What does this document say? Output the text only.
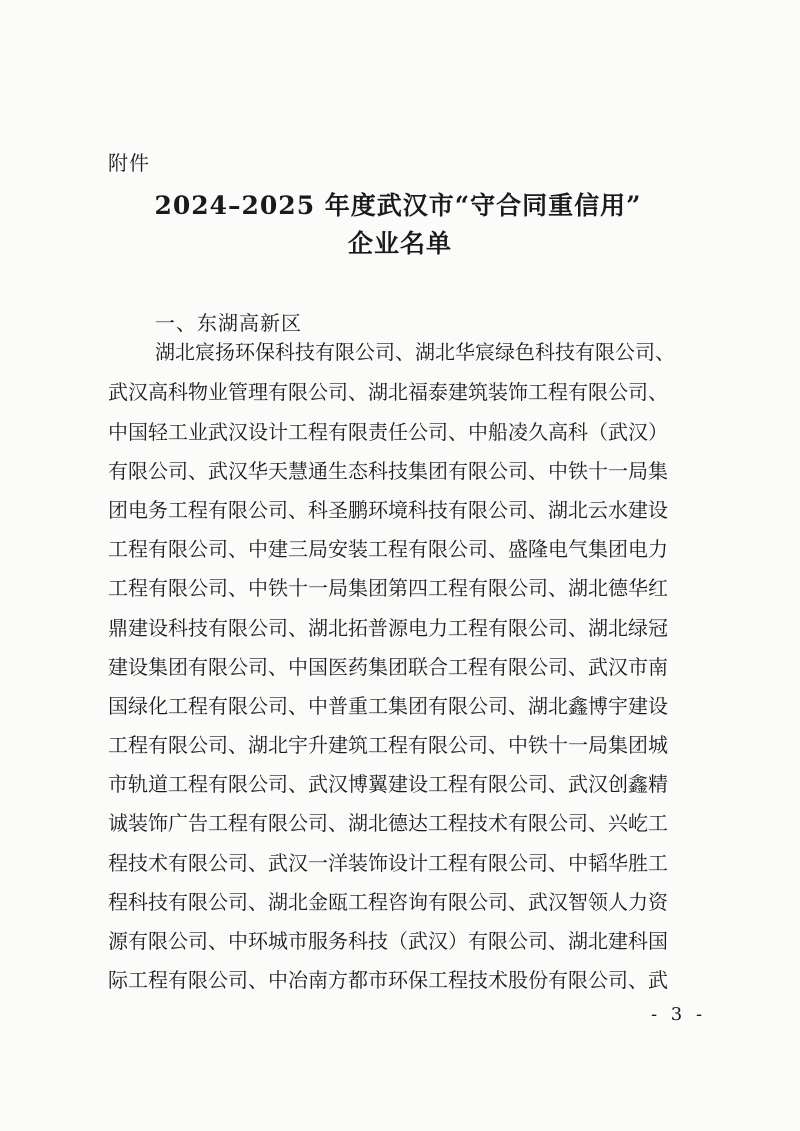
附件
2024–2025 年度武汉市“守合同重信用”
企业名单
一、东湖高新区
湖北宸扬环保科技有限公司、湖北华宸绿色科技有限公司、
武汉高科物业管理有限公司、湖北福泰建筑装饰工程有限公司、
中国轻工业武汉设计工程有限责任公司、中船凌久高科（武汉）
有限公司、武汉华天慧通生态科技集团有限公司、中铁十一局集
团电务工程有限公司、科圣鹏环境科技有限公司、湖北云水建设
工程有限公司、中建三局安装工程有限公司、盛隆电气集团电力
工程有限公司、中铁十一局集团第四工程有限公司、湖北德华红
鼎建设科技有限公司、湖北拓普源电力工程有限公司、湖北绿冠
建设集团有限公司、中国医药集团联合工程有限公司、武汉市南
国绿化工程有限公司、中普重工集团有限公司、湖北鑫博宇建设
工程有限公司、湖北宇升建筑工程有限公司、中铁十一局集团城
市轨道工程有限公司、武汉博翼建设工程有限公司、武汉创鑫精
诚装饰广告工程有限公司、湖北德达工程技术有限公司、兴屹工
程技术有限公司、武汉一洋装饰设计工程有限公司、中韬华胜工
程科技有限公司、湖北金瓯工程咨询有限公司、武汉智领人力资
源有限公司、中环城市服务科技（武汉）有限公司、湖北建科国
际工程有限公司、中冶南方都市环保工程技术股份有限公司、武
- 3 -
